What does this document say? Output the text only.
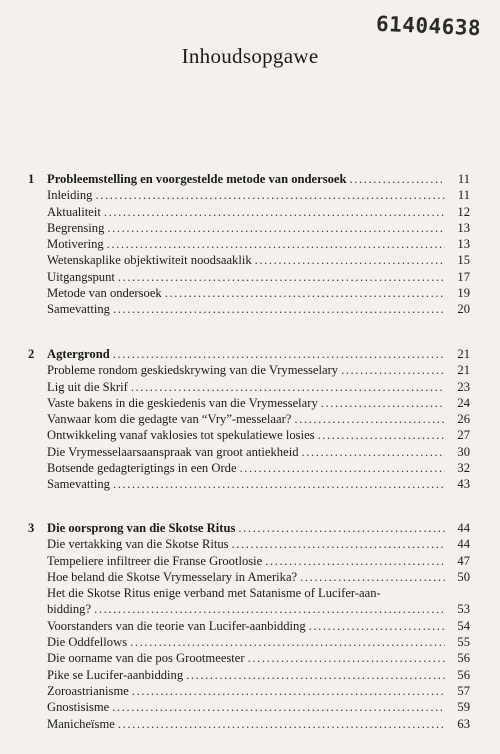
61404638
Inhoudsopgawe
1	Probleemstelling en voorgestelde metode van ondersoek .....	11
Inleiding .....	11
Aktualiteit .....	12
Begrensing .....	13
Motivering .....	13
Wetenskaplike objektiwiteit noodsaaklik .....	15
Uitgangspunt .....	17
Metode van ondersoek .....	19
Samevatting .....	20
2	Agtergrond .....	21
Probleme rondom geskiedskrywing van die Vrymesselary .....	21
Lig uit die Skrif .....	23
Vaste bakens in die geskiedenis van die Vrymesselary .....	24
Vanwaar kom die gedagte van “Vry”-messelaar? .....	26
Ontwikkeling vanaf vaklosies tot spekulatiewe losies .....	27
Die Vrymesselaarsaanspraak van groot antiekheid .....	30
Botsende gedagterigtings in een Orde .....	32
Samevatting .....	43
3	Die oorsprong van die Skotse Ritus .....	44
Die vertakking van die Skotse Ritus .....	44
Tempeliere infiltreer die Franse Grootlosie .....	47
Hoe beland die Skotse Vrymesselary in Amerika? .....	50
Het die Skotse Ritus enige verband met Satanisme of Lucifer-aan-
bidding? .....	53
Voorstanders van die teorie van Lucifer-aanbidding .....	54
Die Oddfellows .....	55
Die oorname van die pos Grootmeester .....	56
Pike se Lucifer-aanbidding .....	56
Zoroastrianisme .....	57
Gnostisisme .....	59
Manicheïsme .....	63
